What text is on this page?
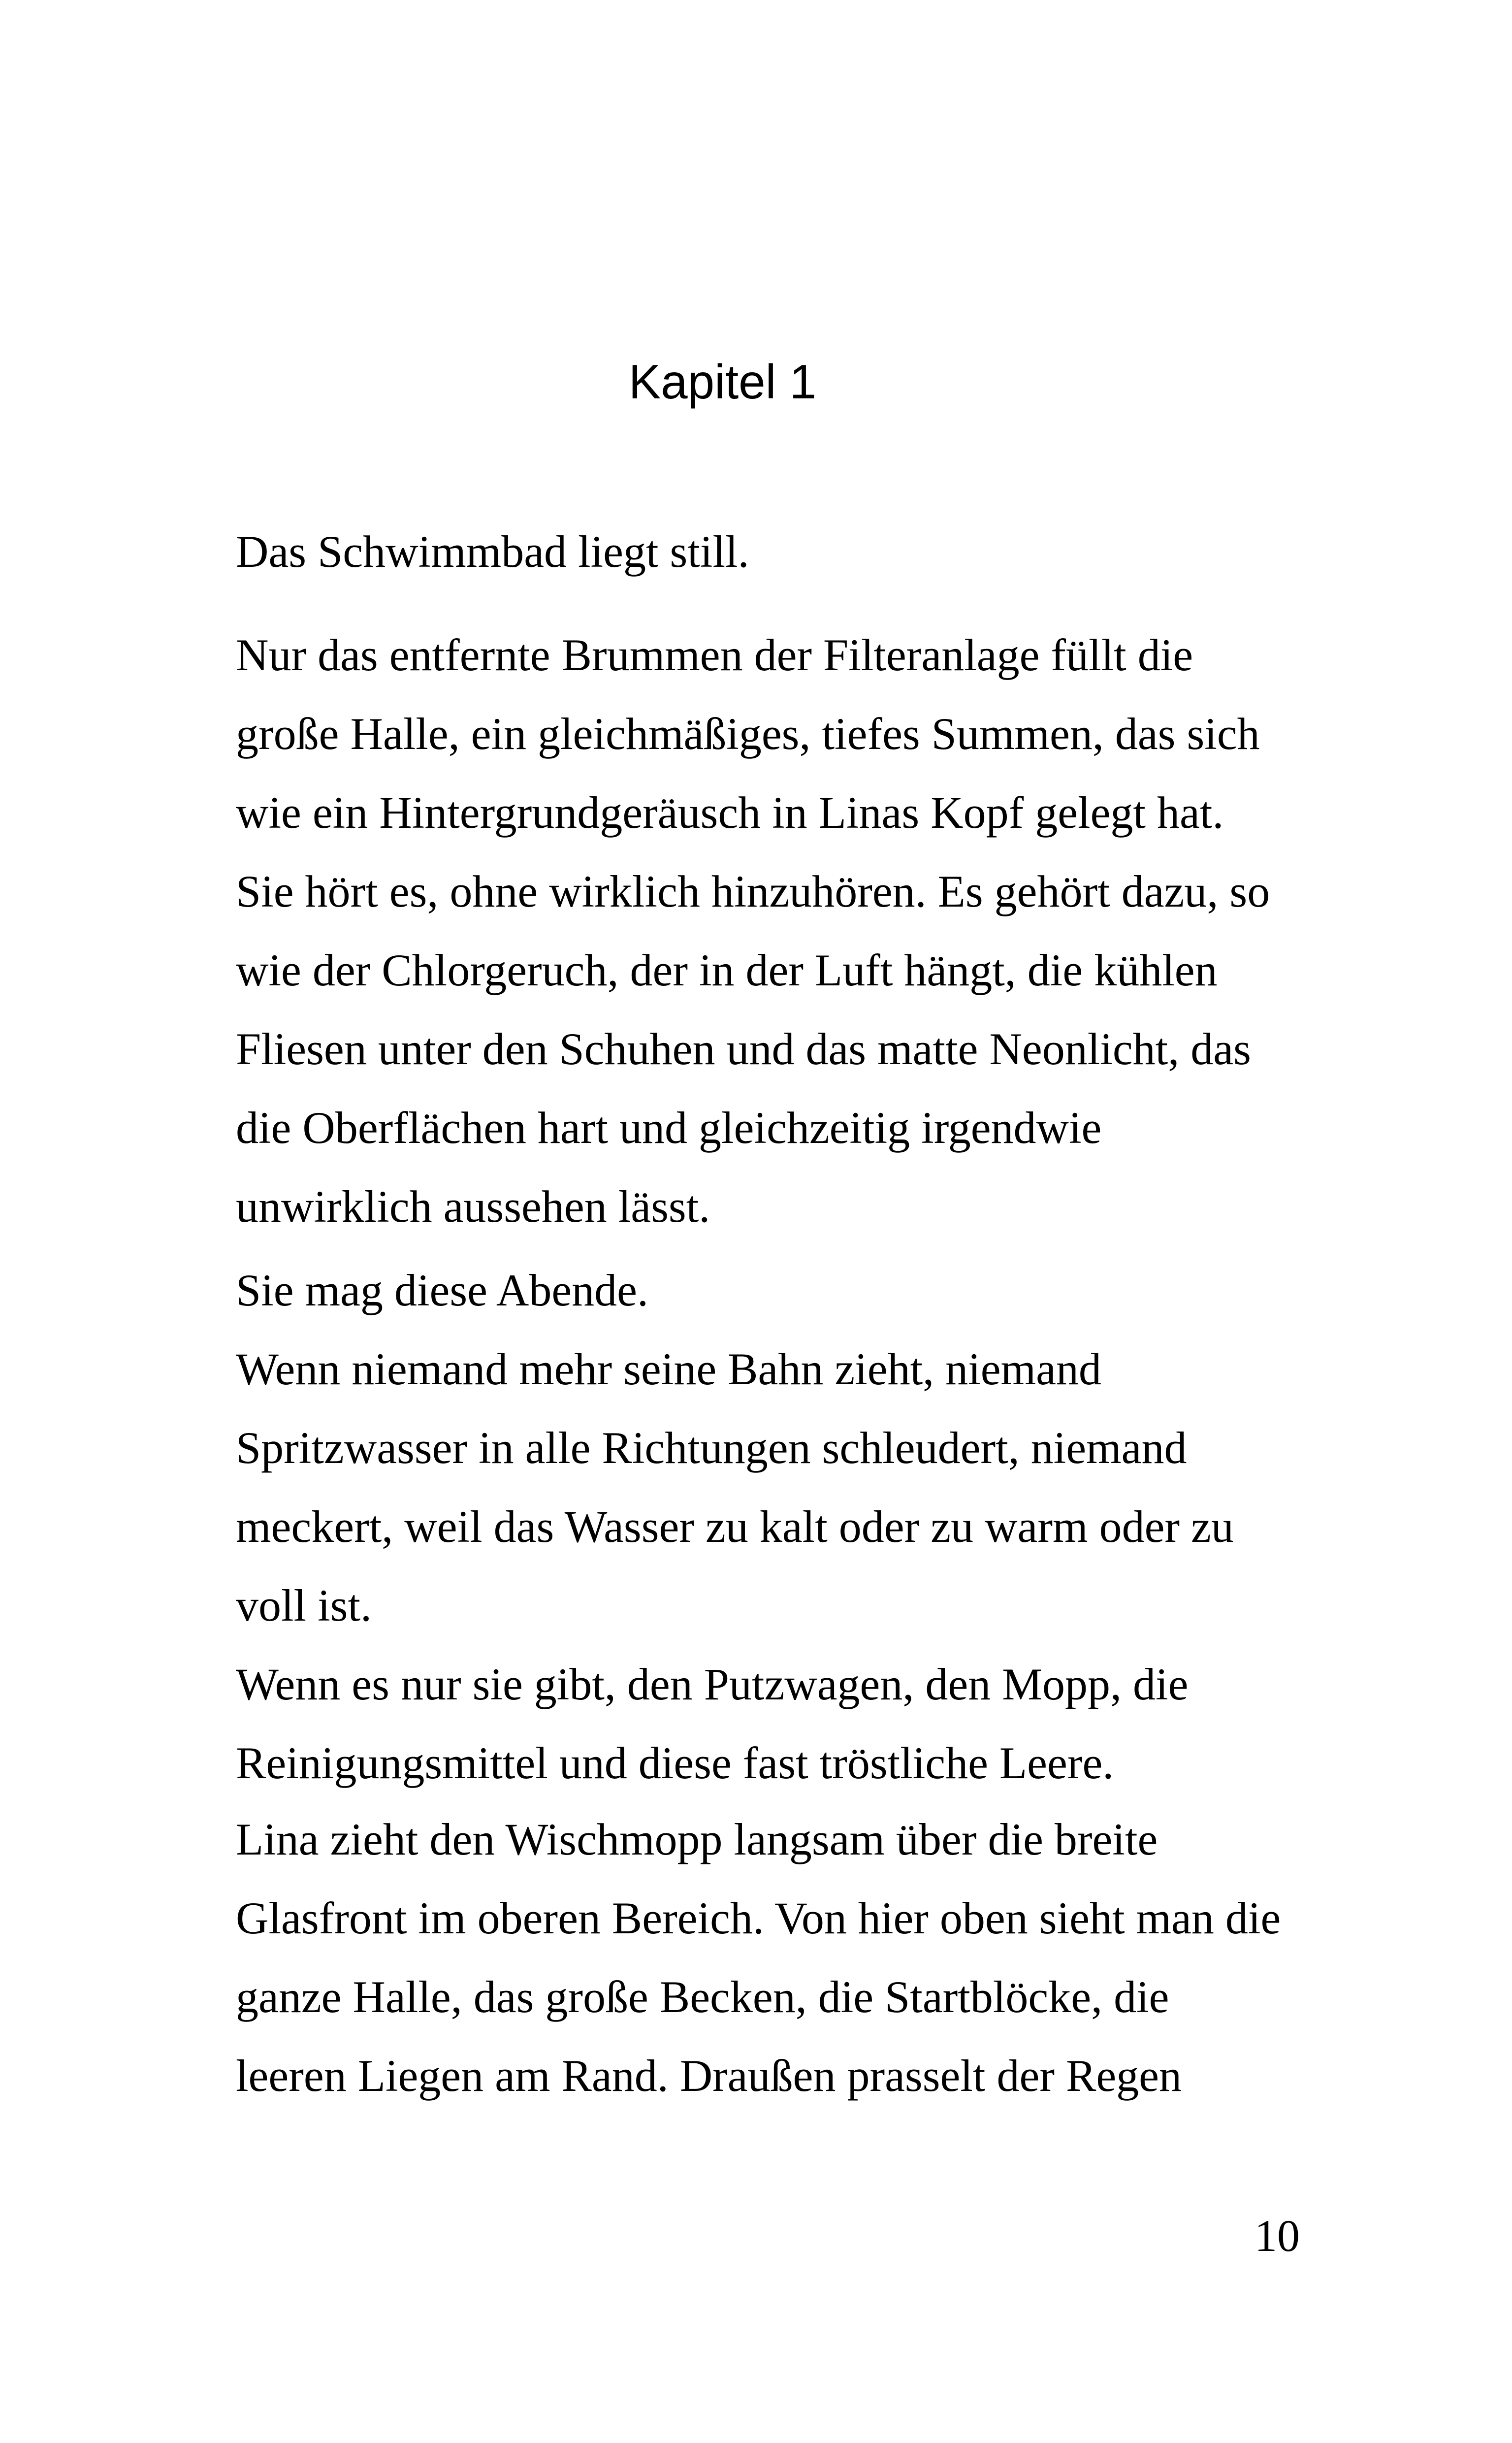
Kapitel 1
Das Schwimmbad liegt still.
Nur das entfernte Brummen der Filteranlage füllt die
große Halle, ein gleichmäßiges, tiefes Summen, das sich
wie ein Hintergrundgeräusch in Linas Kopf gelegt hat.
Sie hört es, ohne wirklich hinzuhören. Es gehört dazu, so
wie der Chlorgeruch, der in der Luft hängt, die kühlen
Fliesen unter den Schuhen und das matte Neonlicht, das
die Oberflächen hart und gleichzeitig irgendwie
unwirklich aussehen lässt.
Sie mag diese Abende.
Wenn niemand mehr seine Bahn zieht, niemand
Spritzwasser in alle Richtungen schleudert, niemand
meckert, weil das Wasser zu kalt oder zu warm oder zu
voll ist.
Wenn es nur sie gibt, den Putzwagen, den Mopp, die
Reinigungsmittel und diese fast tröstliche Leere.
Lina zieht den Wischmopp langsam über die breite
Glasfront im oberen Bereich. Von hier oben sieht man die
ganze Halle, das große Becken, die Startblöcke, die
leeren Liegen am Rand. Draußen prasselt der Regen
10
